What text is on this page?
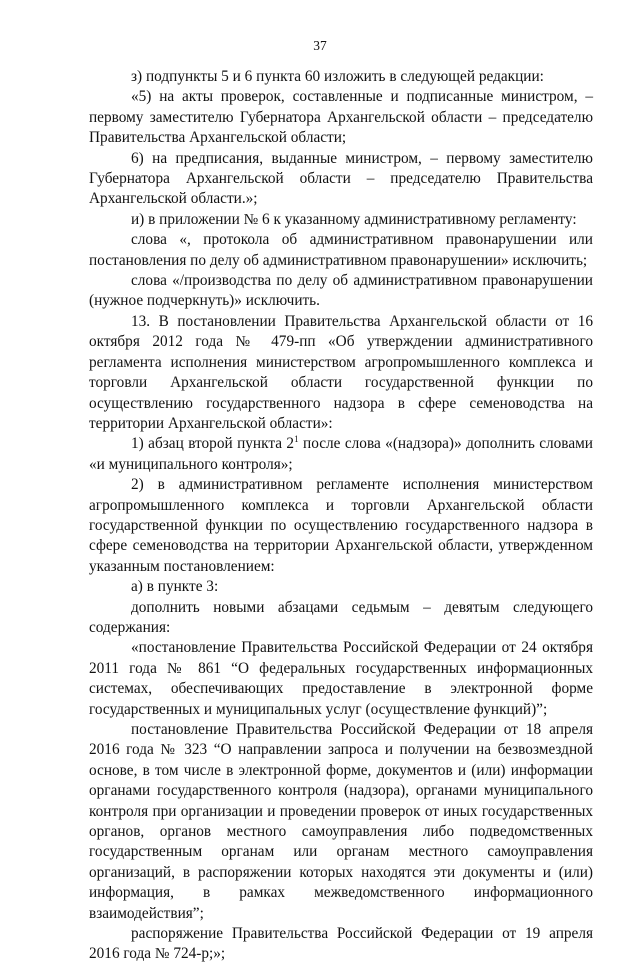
37

з) подпункты 5 и 6 пункта 60 изложить в следующей редакции:

«5) на акты проверок, составленные и подписанные министром, – первому заместителю Губернатора Архангельской области – председателю Правительства Архангельской области;

6) на предписания, выданные министром, – первому заместителю Губернатора Архангельской области – председателю Правительства Архангельской области.»;

и) в приложении № 6 к указанному административному регламенту:

слова «, протокола об административном правонарушении или постановления по делу об административном правонарушении» исключить;

слова «/производства по делу об административном правонарушении (нужное подчеркнуть)» исключить.

13. В постановлении Правительства Архангельской области от 16 октября 2012 года № 479-пп «Об утверждении административного регламента исполнения министерством агропромышленного комплекса и торговли Архангельской области государственной функции по осуществлению государственного надзора в сфере семеноводства на территории Архангельской области»:

1) абзац второй пункта $2^1$ после слова «(надзора)» дополнить словами «и муниципального контроля»;

2) в административном регламенте исполнения министерством агропромышленного комплекса и торговли Архангельской области государственной функции по осуществлению государственного надзора в сфере семеноводства на территории Архангельской области, утвержденном указанным постановлением:

а) в пункте 3:

дополнить новыми абзацами седьмым – девятым следующего содержания:

«постановление Правительства Российской Федерации от 24 октября 2011 года № 861 “О федеральных государственных информационных системах, обеспечивающих предоставление в электронной форме государственных и муниципальных услуг (осуществление функций)”;

постановление Правительства Российской Федерации от 18 апреля 2016 года № 323 “О направлении запроса и получении на безвозмездной основе, в том числе в электронной форме, документов и (или) информации органами государственного контроля (надзора), органами муниципального контроля при организации и проведении проверок от иных государственных органов, органов местного самоуправления либо подведомственных государственным органам или органам местного самоуправления организаций, в распоряжении которых находятся эти документы и (или) информация, в рамках межведомственного информационного взаимодействия”;

распоряжение Правительства Российской Федерации от 19 апреля 2016 года № 724-р;»;
